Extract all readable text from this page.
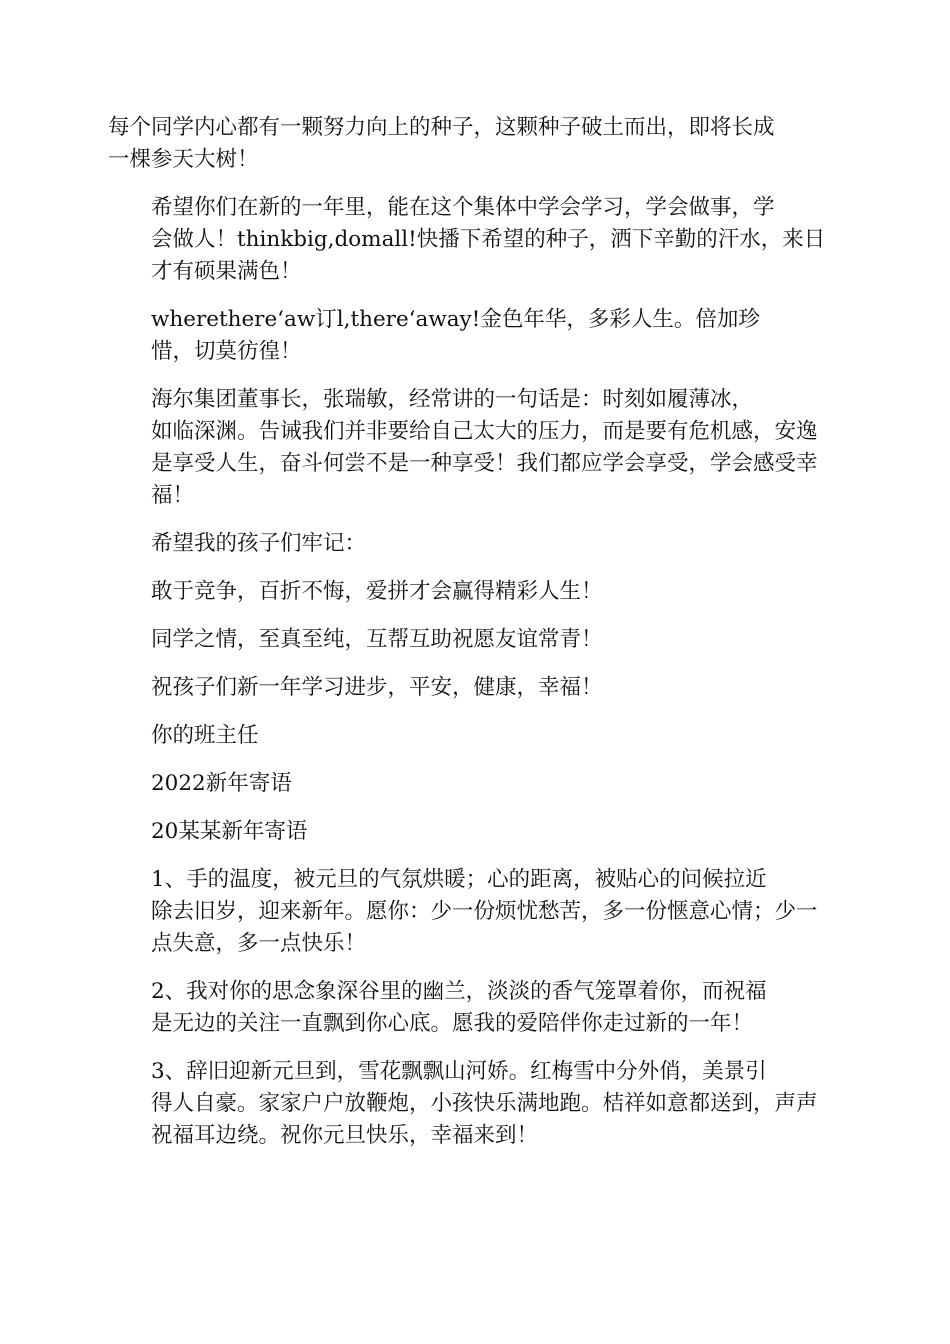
每个同学内心都有一颗努力向上的种子，这颗种子破土而出，即将长成
一棵参天大树！

希望你们在新的一年里，能在这个集体中学会学习，学会做事，学
会做人！thinkbig,domall!快播下希望的种子，洒下辛勤的汗水，来日
才有硕果满色！

wherethere‘aw订l,there‘away!金色年华，多彩人生。倍加珍
惜，切莫彷徨！

海尔集团董事长，张瑞敏，经常讲的一句话是：时刻如履薄冰，
如临深渊。告诫我们并非要给自己太大的压力，而是要有危机感，安逸
是享受人生，奋斗何尝不是一种享受！我们都应学会享受，学会感受幸
福！

希望我的孩子们牢记：

敢于竞争，百折不悔，爱拼才会赢得精彩人生！

同学之情，至真至纯，互帮互助祝愿友谊常青！

祝孩子们新一年学习进步，平安，健康，幸福！

你的班主任

2022新年寄语

20某某新年寄语

1、手的温度，被元旦的气氛烘暖；心的距离，被贴心的问候拉近
除去旧岁，迎来新年。愿你：少一份烦忧愁苦，多一份惬意心情；少一
点失意，多一点快乐！

2、我对你的思念象深谷里的幽兰，淡淡的香气笼罩着你，而祝福
是无边的关注一直飘到你心底。愿我的爱陪伴你走过新的一年！

3、辞旧迎新元旦到，雪花飘飘山河娇。红梅雪中分外俏，美景引
得人自豪。家家户户放鞭炮，小孩快乐满地跑。桔祥如意都送到，声声
祝福耳边绕。祝你元旦快乐，幸福来到！
